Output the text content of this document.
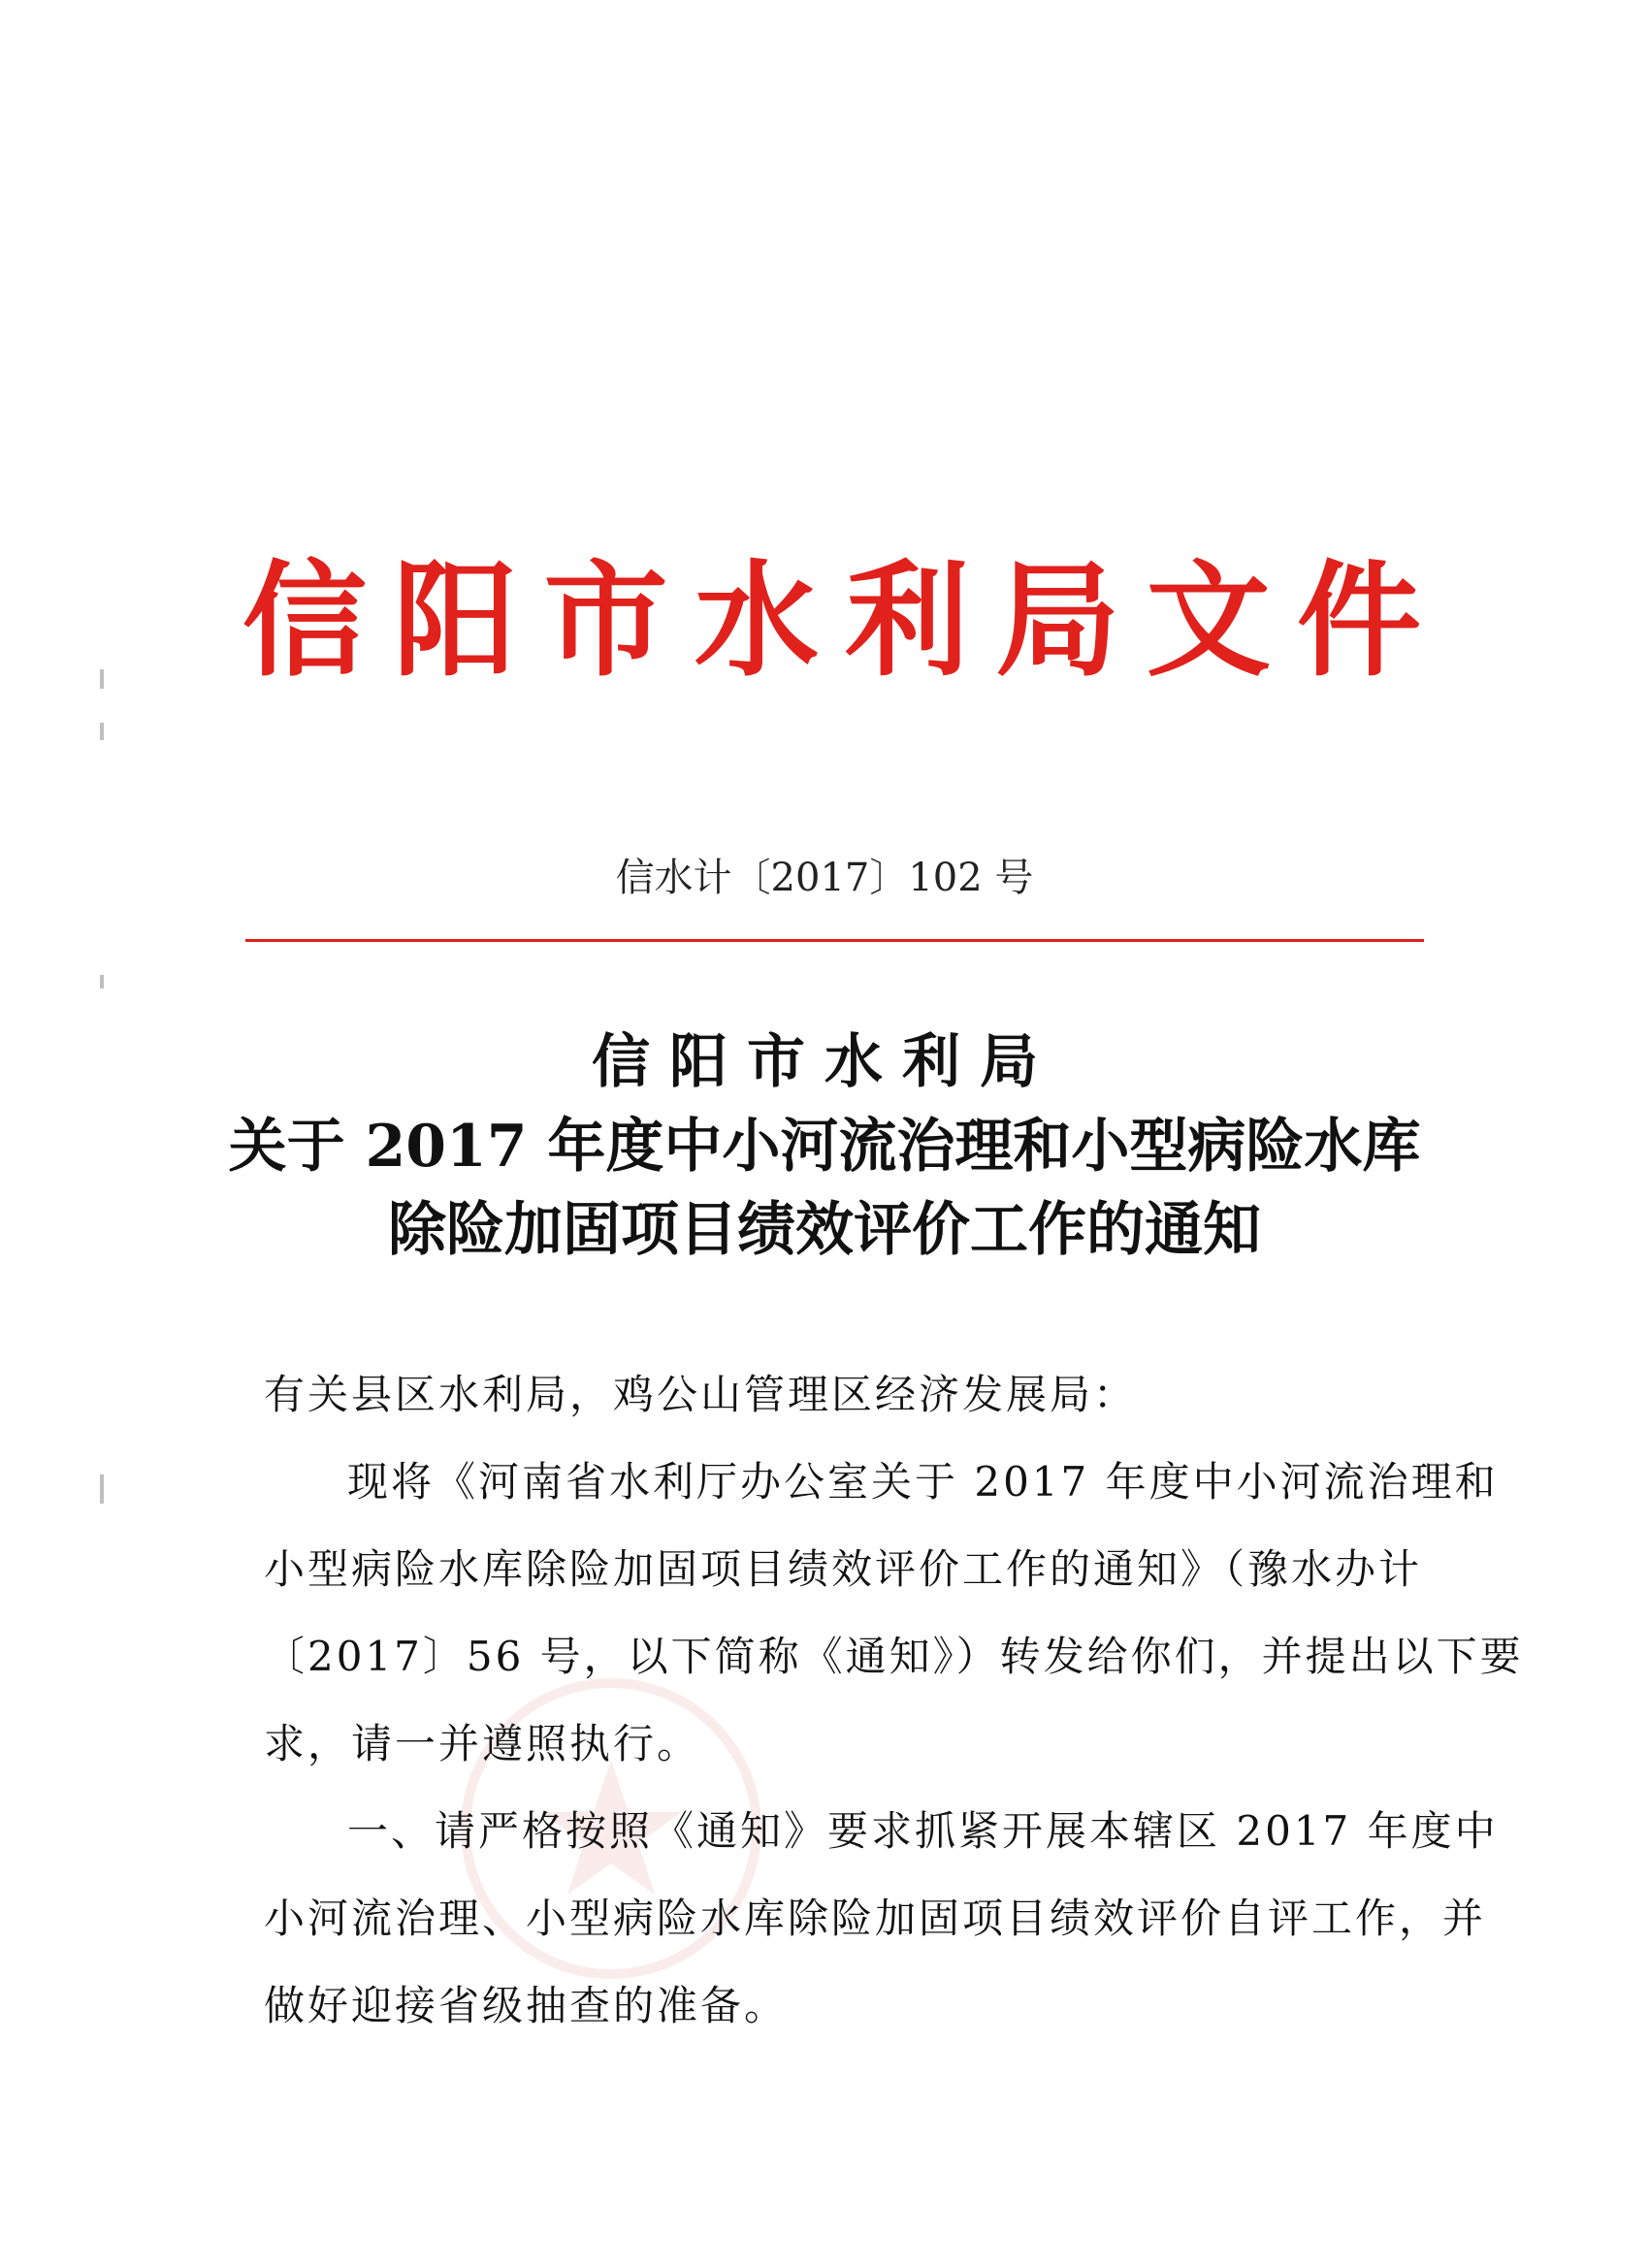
信 阳 市 水 利 局 文 件
信水计〔2017〕102 号
信阳市水利局
关于 2017 年度中小河流治理和小型病险水库
除险加固项目绩效评价工作的通知
有关县区水利局，鸡公山管理区经济发展局：
现将《河南省水利厅办公室关于 2017 年度中小河流治理和
小型病险水库除险加固项目绩效评价工作的通知》（豫水办计
〔2017〕56 号，以下简称《通知》）转发给你们，并提出以下要
求，请一并遵照执行。
一、请严格按照《通知》要求抓紧开展本辖区 2017 年度中
小河流治理、小型病险水库除险加固项目绩效评价自评工作，并
做好迎接省级抽查的准备。
